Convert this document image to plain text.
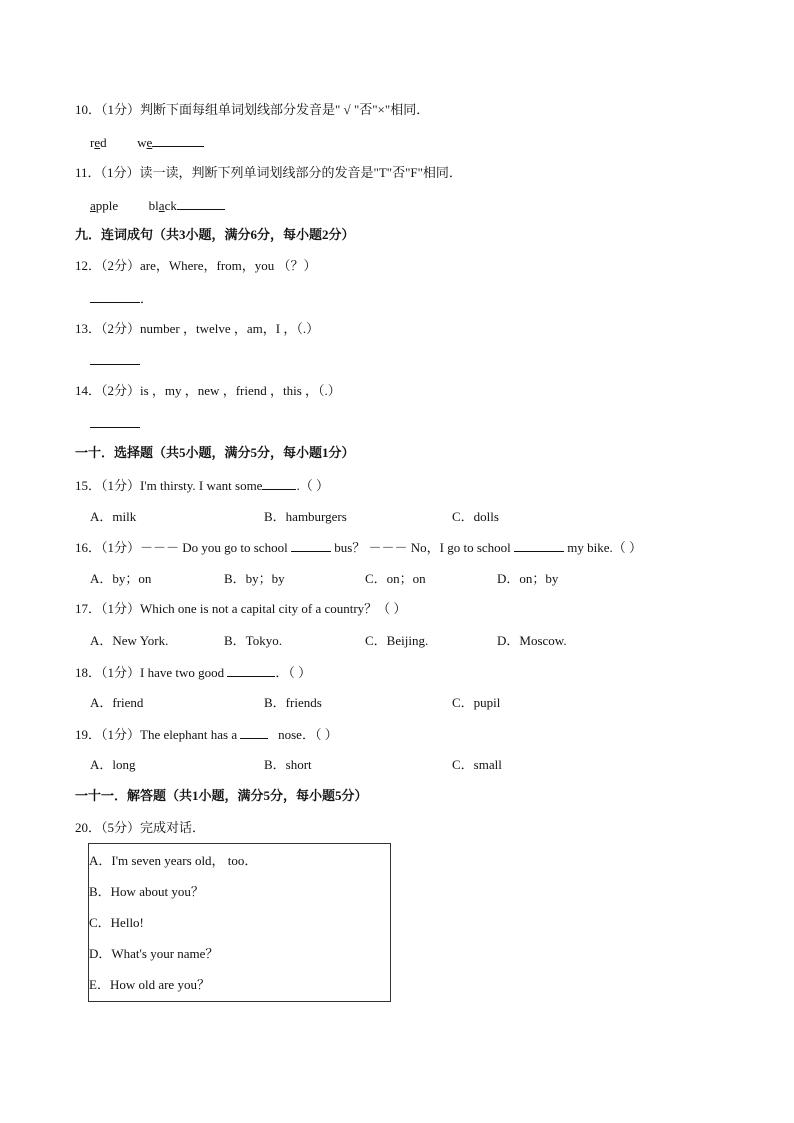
10．（1分）判断下面每组单词划线部分发音是" √ "否"×"相同．
red we
11．（1分）读一读，判断下列单词划线部分的发音是"T"否"F"相同．
apple black
九．连词成句（共3小题，满分6分，每小题2分）
12．（2分）are，Where，from，you （？）
．
13．（2分）number ，twelve ，am，I ，（.）
14．（2分）is ，my ，new ，friend ，this ，（.）
一十．选择题（共5小题，满分5分，每小题1分）
15．（1分）I'm thirsty. I want some	.（ ）
A．milk	B．hamburgers	C．dolls
16．（1分）－－－ Do you go to school	bus？ －－－ No，I go to school	my bike.（ ）
A．by；on	B．by；by	C．on；on	D．on；by
17．（1分）Which one is not a capital city of a country？（ ）
A．New York.	B．Tokyo.	C．Beijing.	D．Moscow.
18．（1分）I have two good	．（ ）
A．friend	B．friends	C．pupil
19．（1分）The elephant has a	nose．（ ）
A．long	B．short	C．small
一十一．解答题（共1小题，满分5分，每小题5分）
20．（5分）完成对话．
A．I'm seven years old， too．
B．How about you？
C．Hello!
D．What's your name？
E．How old are you？
